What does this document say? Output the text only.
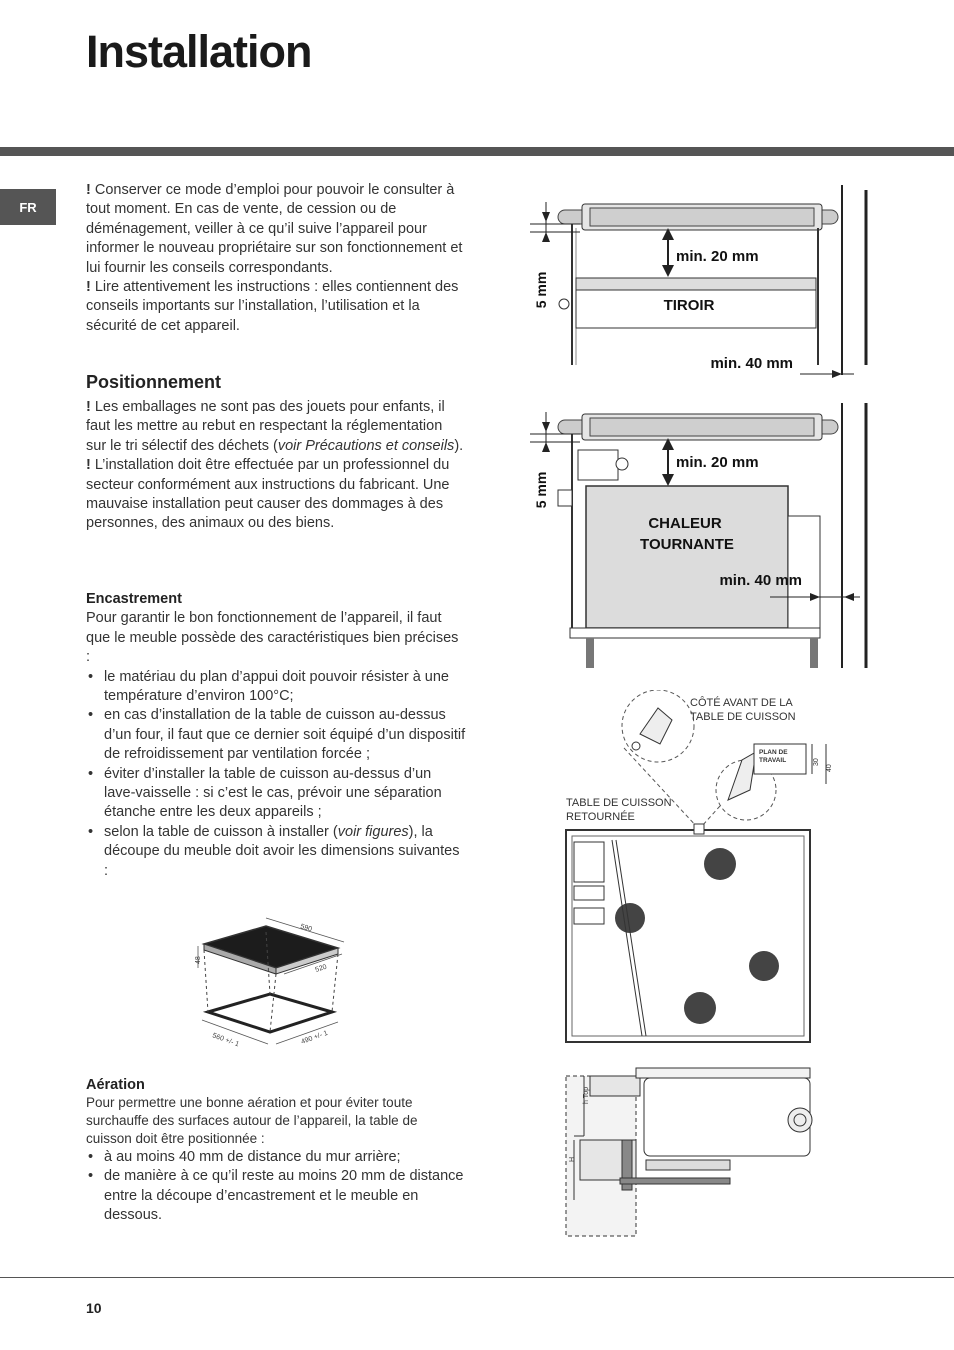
Installation
FR

! Conserver ce mode d’emploi pour pouvoir le consulter à tout moment. En cas de vente, de cession ou de déménagement, veiller à ce qu’il suive l’appareil pour informer le nouveau propriétaire sur son fonctionnement et lui fournir les conseils correspondants.

! Lire attentivement les instructions : elles contiennent des conseils importants sur l’installation, l’utilisation et la sécurité de cet appareil.

Positionnement

! Les emballages ne sont pas des jouets pour enfants, il faut les mettre au rebut en respectant la réglementation sur le tri sélectif des déchets (voir Précautions et conseils).

! L’installation doit être effectuée par un professionnel du secteur conformément aux instructions du fabricant. Une mauvaise installation peut causer des dommages à des personnes, des animaux ou des biens.

Encastrement

Pour garantir le bon fonctionnement de l’appareil, il faut que le meuble possède des caractéristiques bien précises :

• le matériau du plan d’appui doit pouvoir résister à une température d’environ 100°C;
• en cas d’installation de la table de cuisson au-dessus d’un four, il faut que ce dernier soit équipé d’un dispositif de refroidissement par ventilation forcée ;
• éviter d’installer la table de cuisson au-dessus d’un lave-vaisselle : si c’est le cas, prévoir une séparation étanche entre les deux appareils ;
• selon la table de cuisson à installer (voir figures), la découpe du meuble doit avoir les dimensions suivantes :
590
520
48
560 +/- 1	490 +/- 1
Aération

Pour permettre une bonne aération et pour éviter toute surchauffe des surfaces autour de l’appareil, la table de cuisson doit être positionnée :

• à au moins 40 mm de distance du mur arrière;
• de manière à ce qu’il reste au moins 20 mm de distance entre la découpe d’encastrement et le meuble en dessous.
5 mm
min. 20 mm
TIROIR
min. 40 mm
5 mm
min. 20 mm
CHALEUR
TOURNANTE
min. 40 mm
CÔTÉ AVANT DE LA
TABLE DE CUISSON
PLAN DE
TRAVAIL	30
40
TABLE DE CUISSON
RETOURNÉE
h Top
H
10
